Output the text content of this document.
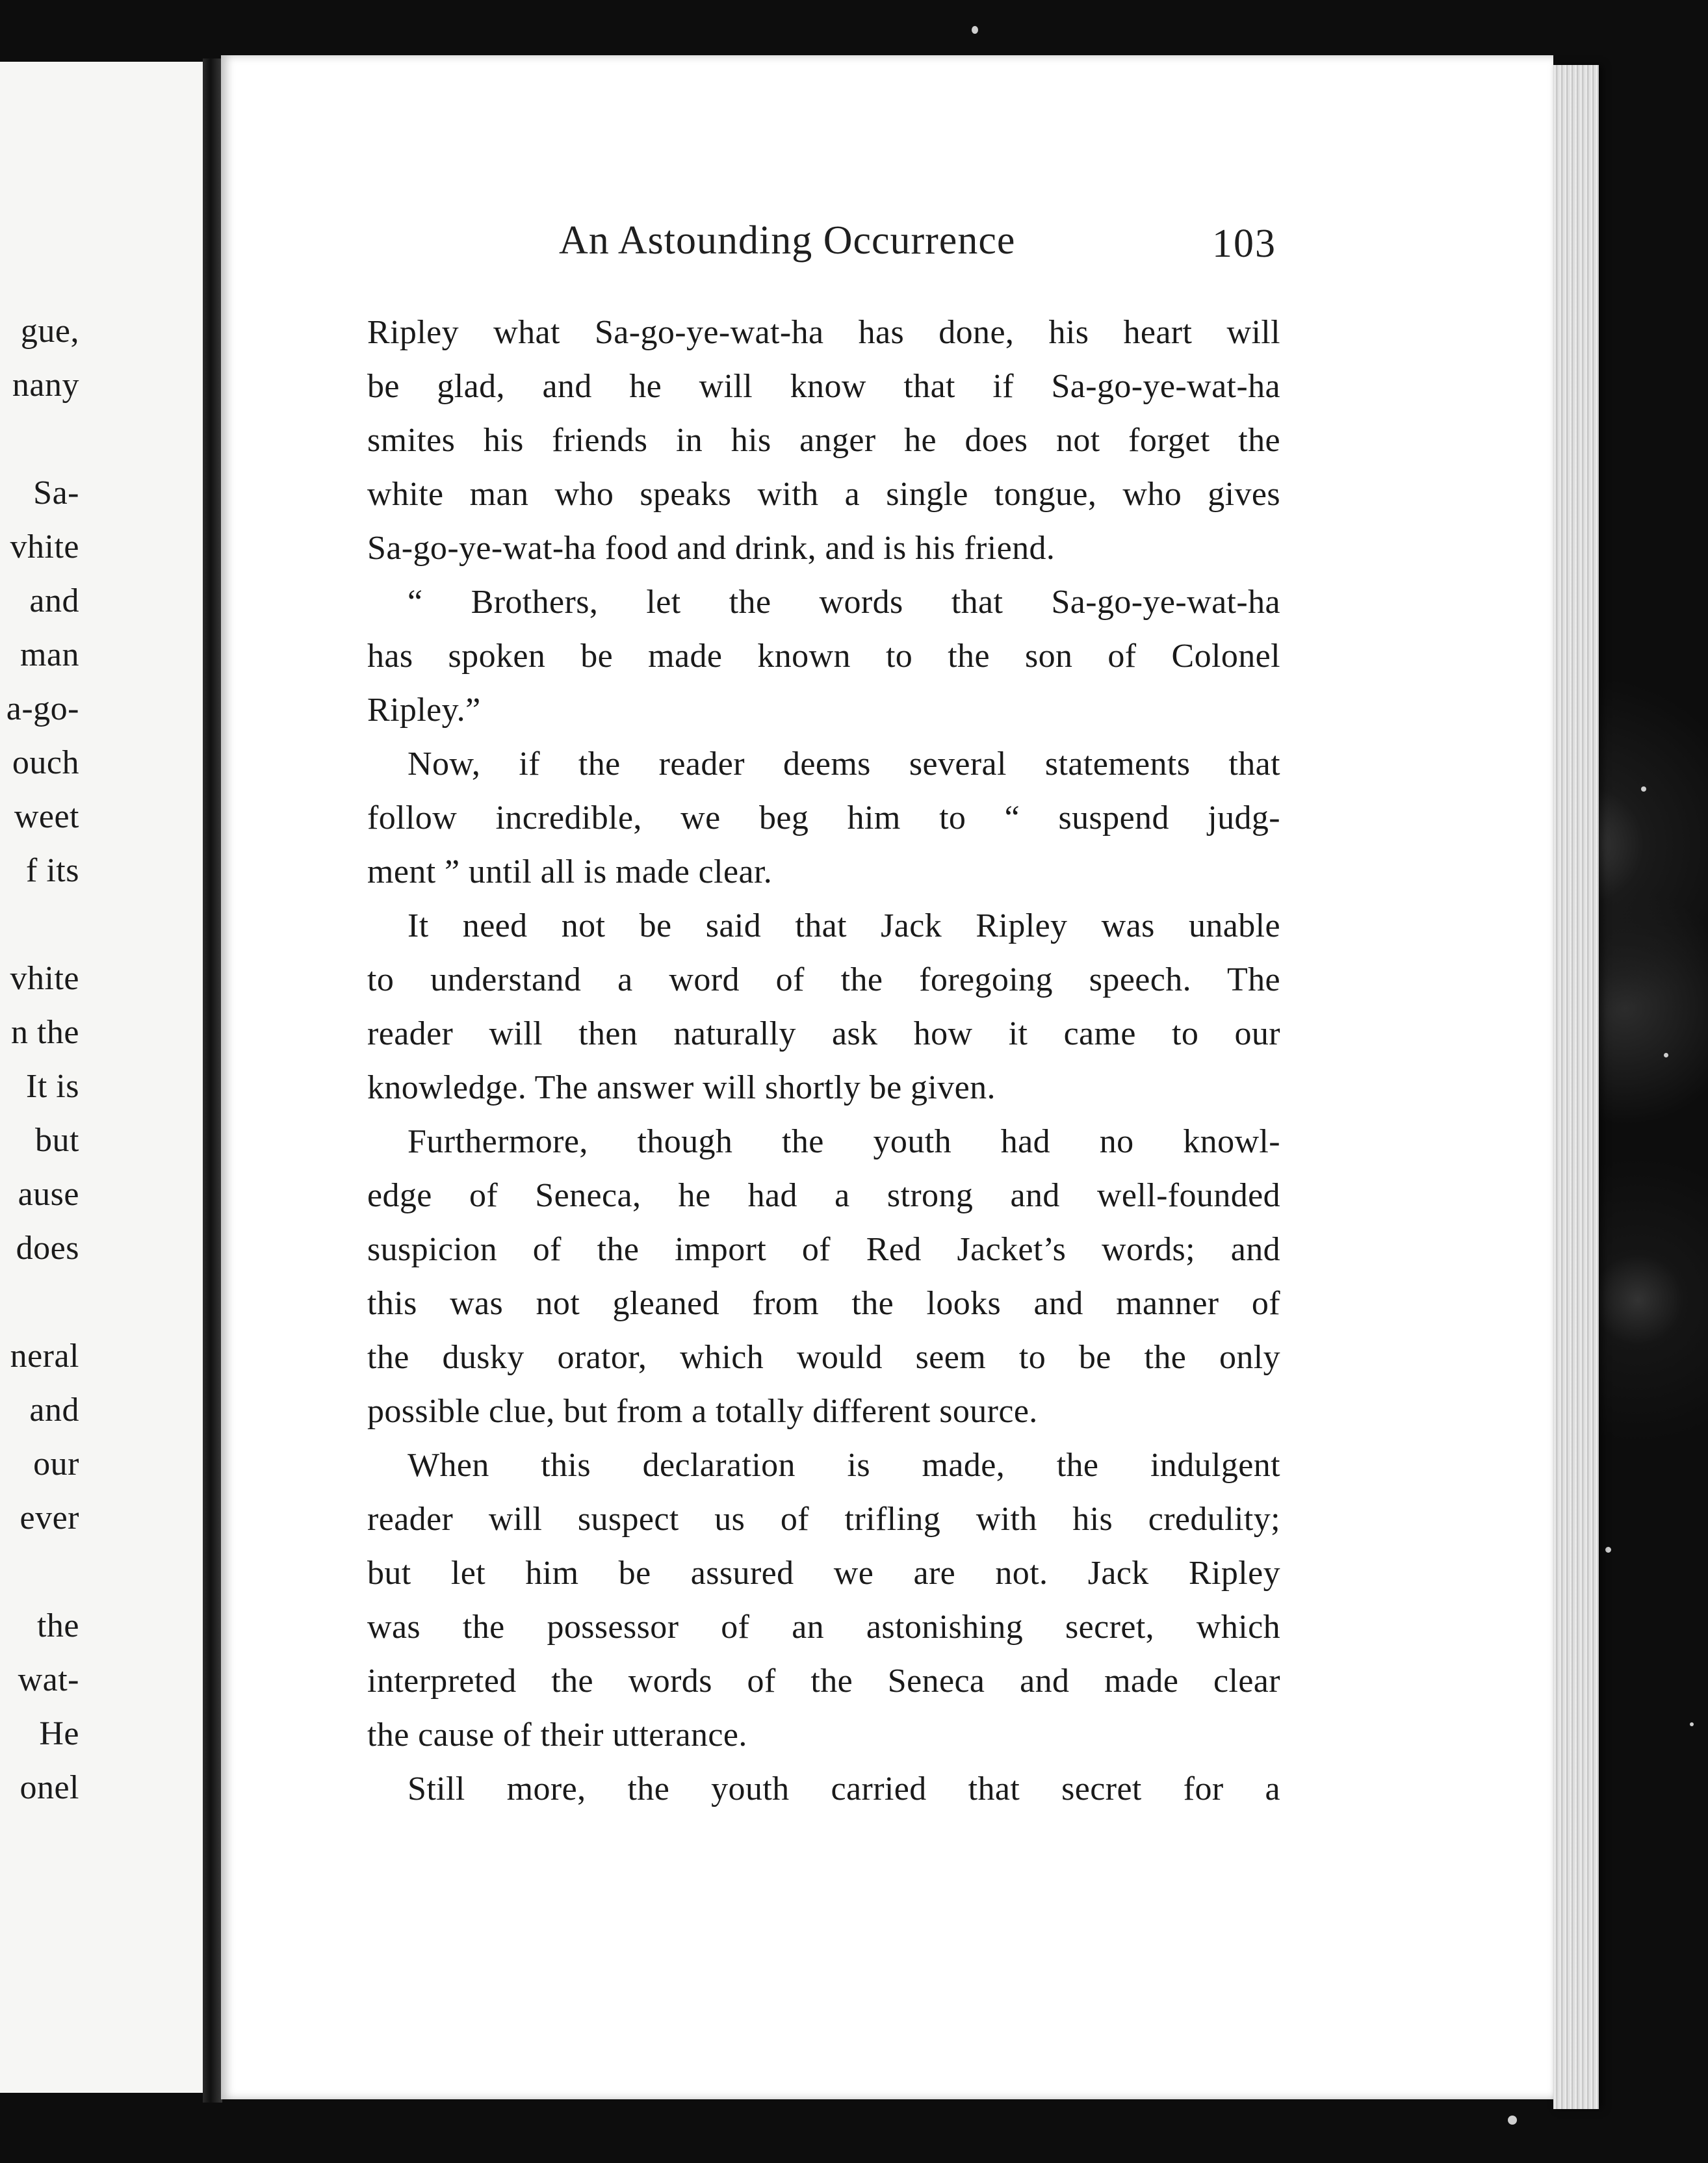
gue,
nany
Sa-
vhite
and
man
a-go-
ouch
weet
f its
vhite
n the
It is
but
ause
does
neral
and
our
ever
the
wat-
He
onel
An Astounding Occurrence	103
Ripley what Sa-go-ye-wat-ha has done, his heart will
be glad, and he will know that if Sa-go-ye-wat-ha
smites his friends in his anger he does not forget the
white man who speaks with a single tongue, who gives
Sa-go-ye-wat-ha food and drink, and is his friend.
“ Brothers, let the words that Sa-go-ye-wat-ha
has spoken be made known to the son of Colonel
Ripley.”
Now, if the reader deems several statements that
follow incredible, we beg him to “ suspend judg-
ment ” until all is made clear.
It need not be said that Jack Ripley was unable
to understand a word of the foregoing speech. The
reader will then naturally ask how it came to our
knowledge. The answer will shortly be given.
Furthermore, though the youth had no knowl-
edge of Seneca, he had a strong and well-founded
suspicion of the import of Red Jacket’s words; and
this was not gleaned from the looks and manner of
the dusky orator, which would seem to be the only
possible clue, but from a totally different source.
When this declaration is made, the indulgent
reader will suspect us of trifling with his credulity;
but let him be assured we are not. Jack Ripley
was the possessor of an astonishing secret, which
interpreted the words of the Seneca and made clear
the cause of their utterance.
Still more, the youth carried that secret for a
